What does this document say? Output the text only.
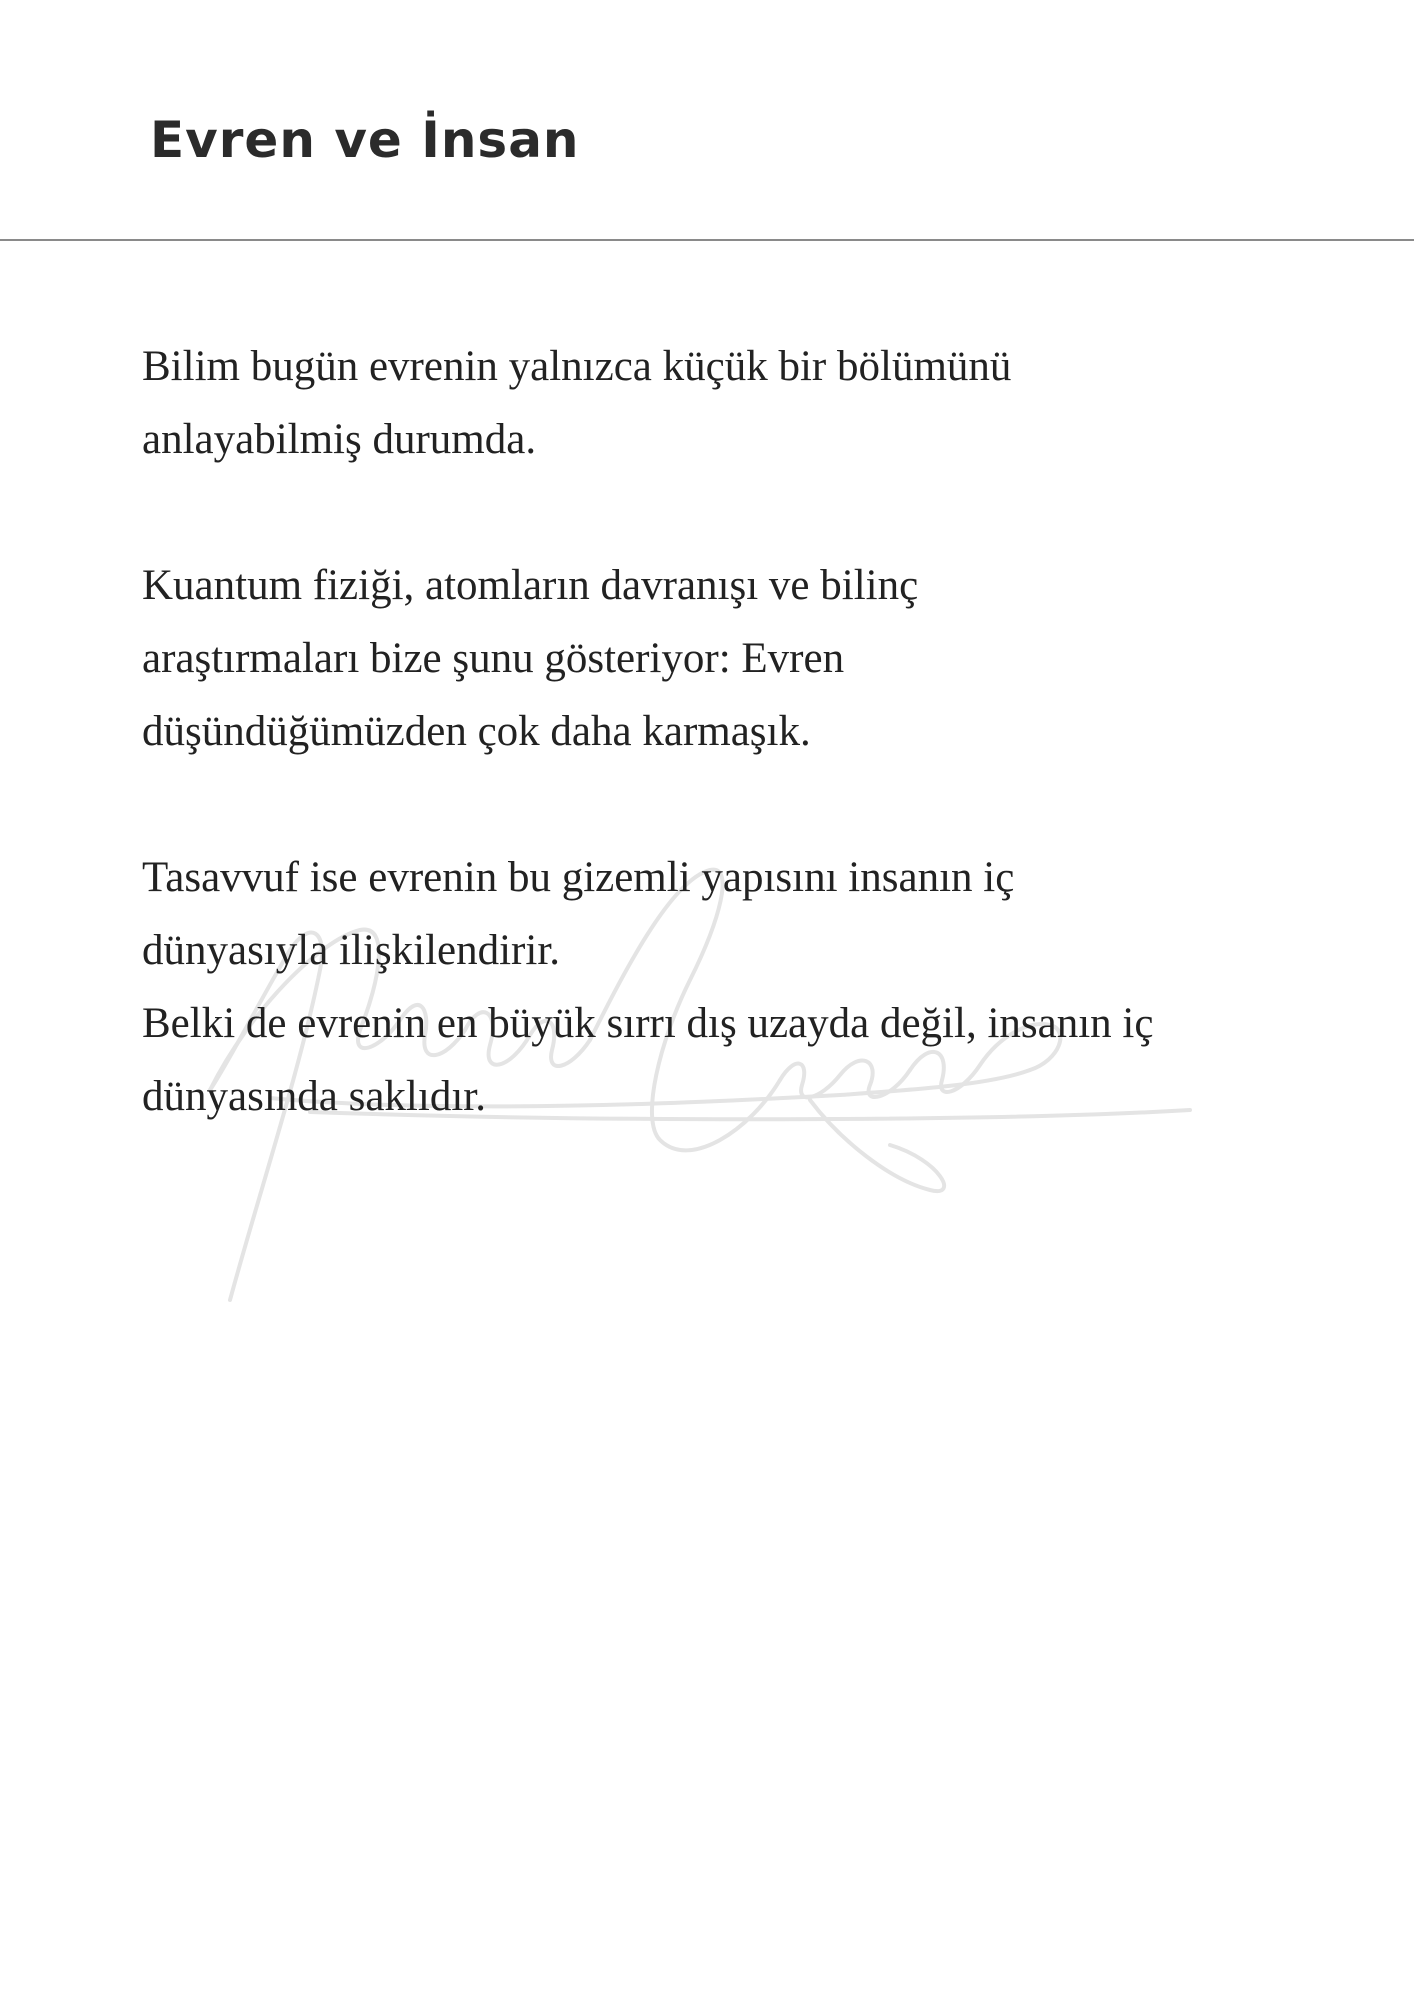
Evren ve İnsan
Bilim bugün evrenin yalnızca küçük bir bölümünü
anlayabilmiş durumda.
Kuantum fiziği, atomların davranışı ve bilinç
araştırmaları bize şunu gösteriyor: Evren
düşündüğümüzden çok daha karmaşık.
Tasavvuf ise evrenin bu gizemli yapısını insanın iç
dünyasıyla ilişkilendirir.
Belki de evrenin en büyük sırrı dış uzayda değil, insanın iç
dünyasında saklıdır.
